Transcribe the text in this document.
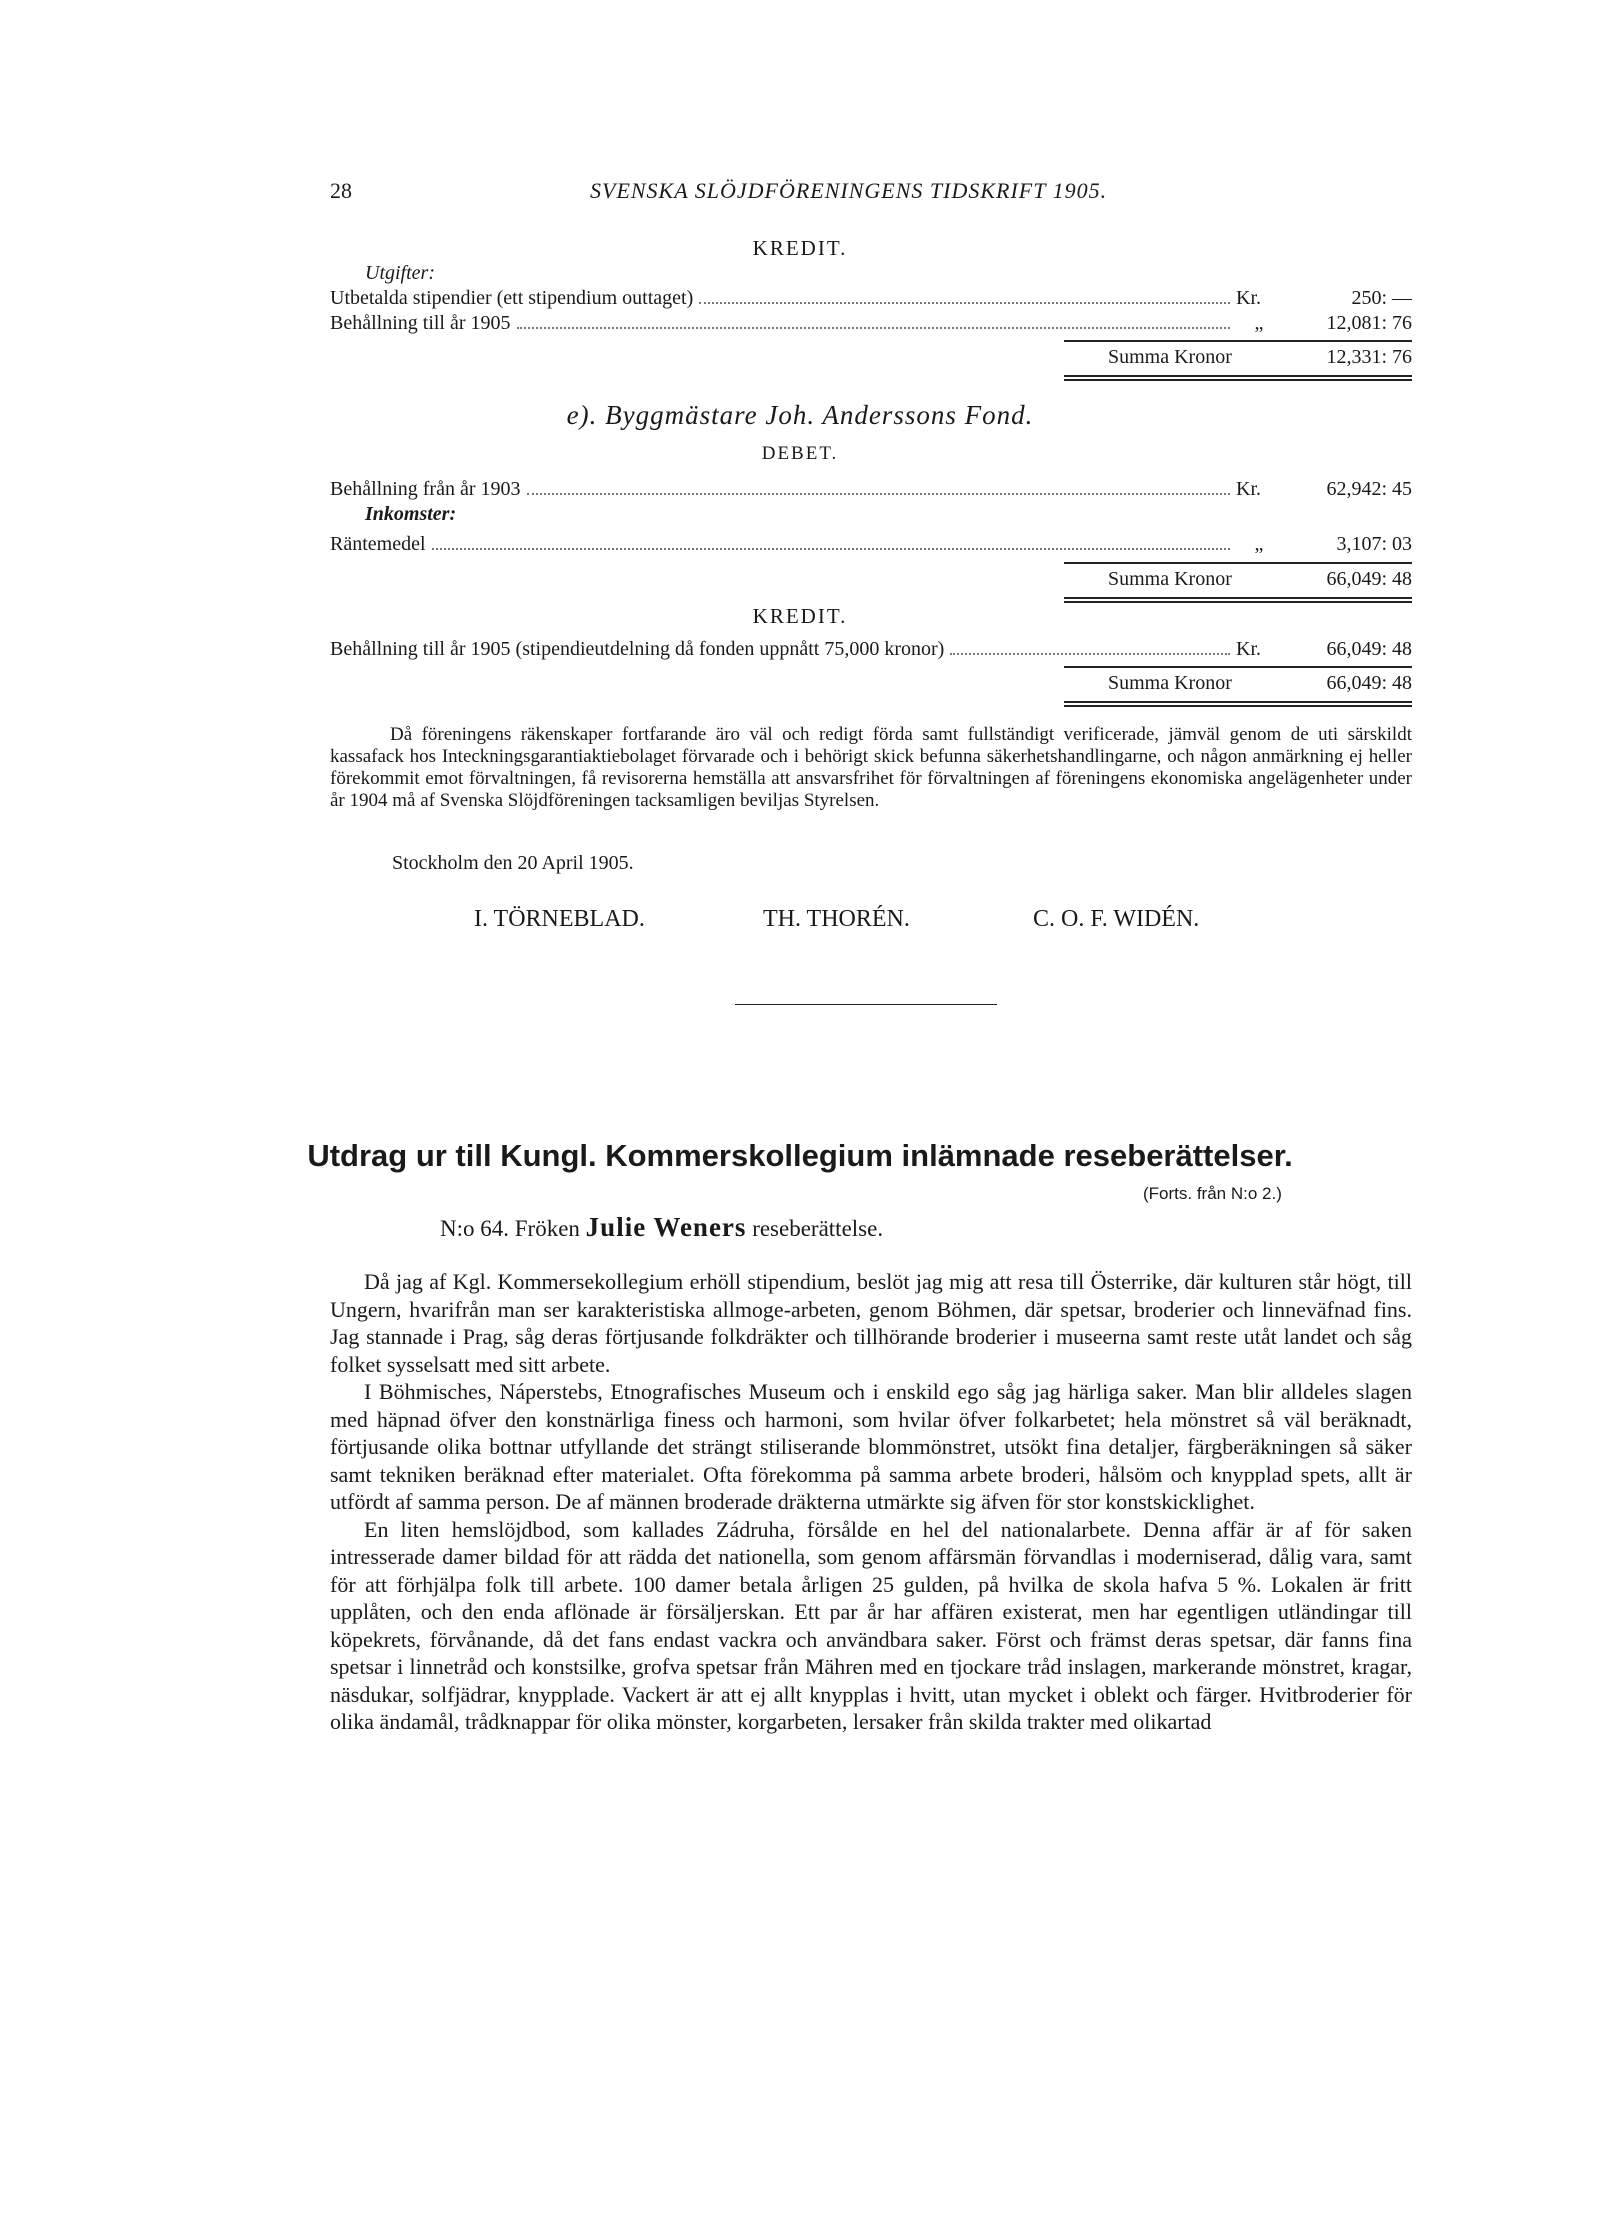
28	SVENSKA SLÖJDFÖRENINGENS TIDSKRIFT 1905.
KREDIT.
Utgifter:
Utbetalda stipendier (ett stipendium outtaget)	Kr.	250: —
Behållning till år 1905	„	12,081: 76
Summa Kronor	12,331: 76
e). Byggmästare Joh. Anderssons Fond.
DEBET.
Behållning från år 1903	Kr.	62,942: 45
Inkomster:
Räntemedel	„	3,107: 03
Summa Kronor	66,049: 48
KREDIT.
Behållning till år 1905 (stipendieutdelning då fonden uppnått 75,000 kronor)	Kr.	66,049: 48
Summa Kronor	66,049: 48
Då föreningens räkenskaper fortfarande äro väl och redigt förda samt fullständigt verificerade, jämväl genom de uti särskildt kassafack hos Inteckningsgarantiaktiebolaget förvarade och i behörigt skick befunna säkerhetshandlingarne, och någon anmärkning ej heller förekommit emot förvaltningen, få revisorerna hemställa att ansvarsfrihet för förvaltningen af föreningens ekonomiska angelägenheter under år 1904 må af Svenska Slöjdföreningen tacksamligen beviljas Styrelsen.
Stockholm den 20 April 1905.
I. TÖRNEBLAD.	TH. THORÉN.	C. O. F. WIDÉN.
Utdrag ur till Kungl. Kommerskollegium inlämnade reseberättelser.
(Forts. från N:o 2.)
N:o 64. Fröken Julie Weners reseberättelse.

Då jag af Kgl. Kommersekollegium erhöll stipendium, beslöt jag mig att resa till Österrike, där kulturen står högt, till Ungern, hvarifrån man ser karakteristiska allmoge-arbeten, genom Böhmen, där spetsar, broderier och linneväfnad fins. Jag stannade i Prag, såg deras förtjusande folkdräkter och tillhörande broderier i museerna samt reste utåt landet och såg folket sysselsatt med sitt arbete.

I Böhmisches, Náperstebs, Etnografisches Museum och i enskild ego såg jag härliga saker. Man blir alldeles slagen med häpnad öfver den konstnärliga finess och harmoni, som hvilar öfver folkarbetet; hela mönstret så väl beräknadt, förtjusande olika bottnar utfyllande det strängt stiliserande blommönstret, utsökt fina detaljer, färgberäkningen så säker samt tekniken beräknad efter materialet. Ofta förekomma på samma arbete broderi, hålsöm och knypplad spets, allt är utfördt af samma person. De af männen broderade dräkterna utmärkte sig äfven för stor konstskicklighet.

En liten hemslöjdbod, som kallades Zádruha, försålde en hel del nationalarbete. Denna affär är af för saken intresserade damer bildad för att rädda det nationella, som genom affärsmän förvandlas i moderniserad, dålig vara, samt för att förhjälpa folk till arbete. 100 damer betala årligen 25 gulden, på hvilka de skola hafva 5 %. Lokalen är fritt upplåten, och den enda aflönade är försäljerskan. Ett par år har affären existerat, men har egentligen utländingar till köpekrets, förvånande, då det fans endast vackra och användbara saker. Först och främst deras spetsar, där fanns fina spetsar i linnetråd och konstsilke, grofva spetsar från Mähren med en tjockare tråd inslagen, markerande mönstret, kragar, näsdukar, solfjädrar, knypplade. Vackert är att ej allt knypplas i hvitt, utan mycket i oblekt och färger. Hvitbroderier för olika ändamål, trådknappar för olika mönster, korgarbeten, lersaker från skilda trakter med olikartad
